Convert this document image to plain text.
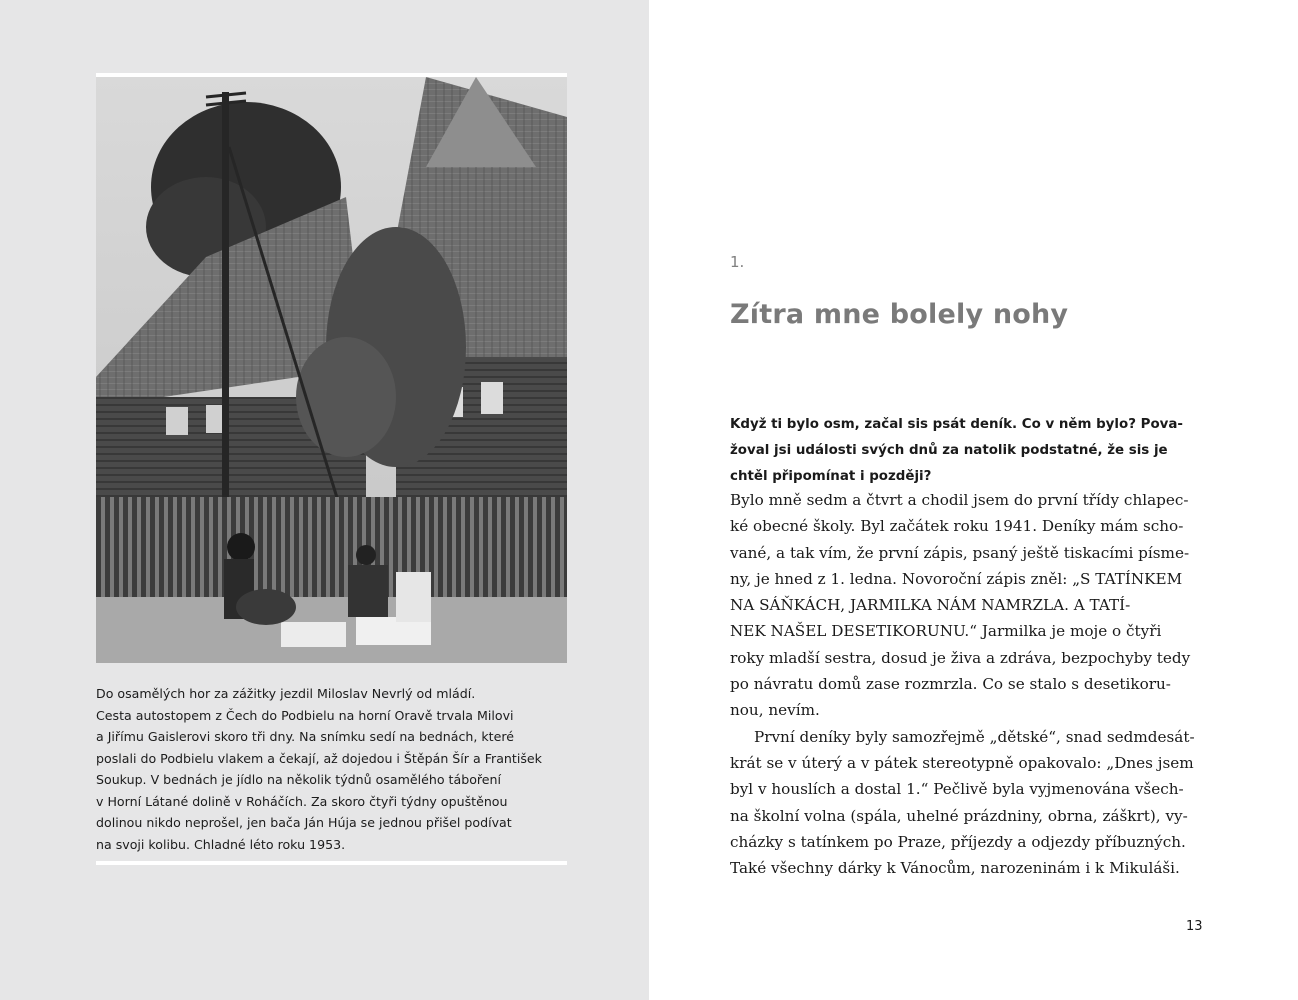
Do osamělých hor za zážitky jezdil Miloslav Nevrlý od mládí.
Cesta autostopem z Čech do Podbielu na horní Oravě trvala Milovi
a Jiřímu Gaislerovi skoro tři dny. Na snímku sedí na bednách, které
poslali do Podbielu vlakem a čekají, až dojedou i Štěpán Šír a František
Soukup. V bednách je jídlo na několik týdnů osamělého táboření
v Horní Látané dolině v Roháčích. Za skoro čtyři týdny opuštěnou
dolinou nikdo neprošel, jen bača Ján Húja se jednou přišel podívat
na svoji kolibu. Chladné léto roku 1953.
1.
Zítra mne bolely nohy
Když ti bylo osm, začal sis psát deník. Co v něm bylo? Pova-
žoval jsi události svých dnů za natolik podstatné, že sis je
chtěl připomínat i později?
Bylo mně sedm a čtvrt a chodil jsem do první třídy chlapec-
ké obecné školy. Byl začátek roku 1941. Deníky mám scho-
vané, a tak vím, že první zápis, psaný ještě tiskacími písme-
ny, je hned z 1. ledna. Novoroční zápis zněl: „S TATÍNKEM
NA SÁŇKÁCH, JARMILKA NÁM NAMRZLA. A TATÍ-
NEK NAŠEL DESETIKORUNU.“ Jarmilka je moje o čtyři
roky mladší sestra, dosud je živa a zdráva, bezpochyby tedy
po návratu domů zase rozmrzla. Co se stalo s desetikoru-
nou, nevím.
První deníky byly samozřejmě „dětské“, snad sedmdesát-
krát se v úterý a v pátek stereotypně opakovalo: „Dnes jsem
byl v houslích a dostal 1.“ Pečlivě byla vyjmenována všech-
na školní volna (spála, uhelné prázdniny, obrna, záškrt), vy-
cházky s tatínkem po Praze, příjezdy a odjezdy příbuzných.
Také všechny dárky k Vánocům, narozeninám i k Mikuláši.
13
